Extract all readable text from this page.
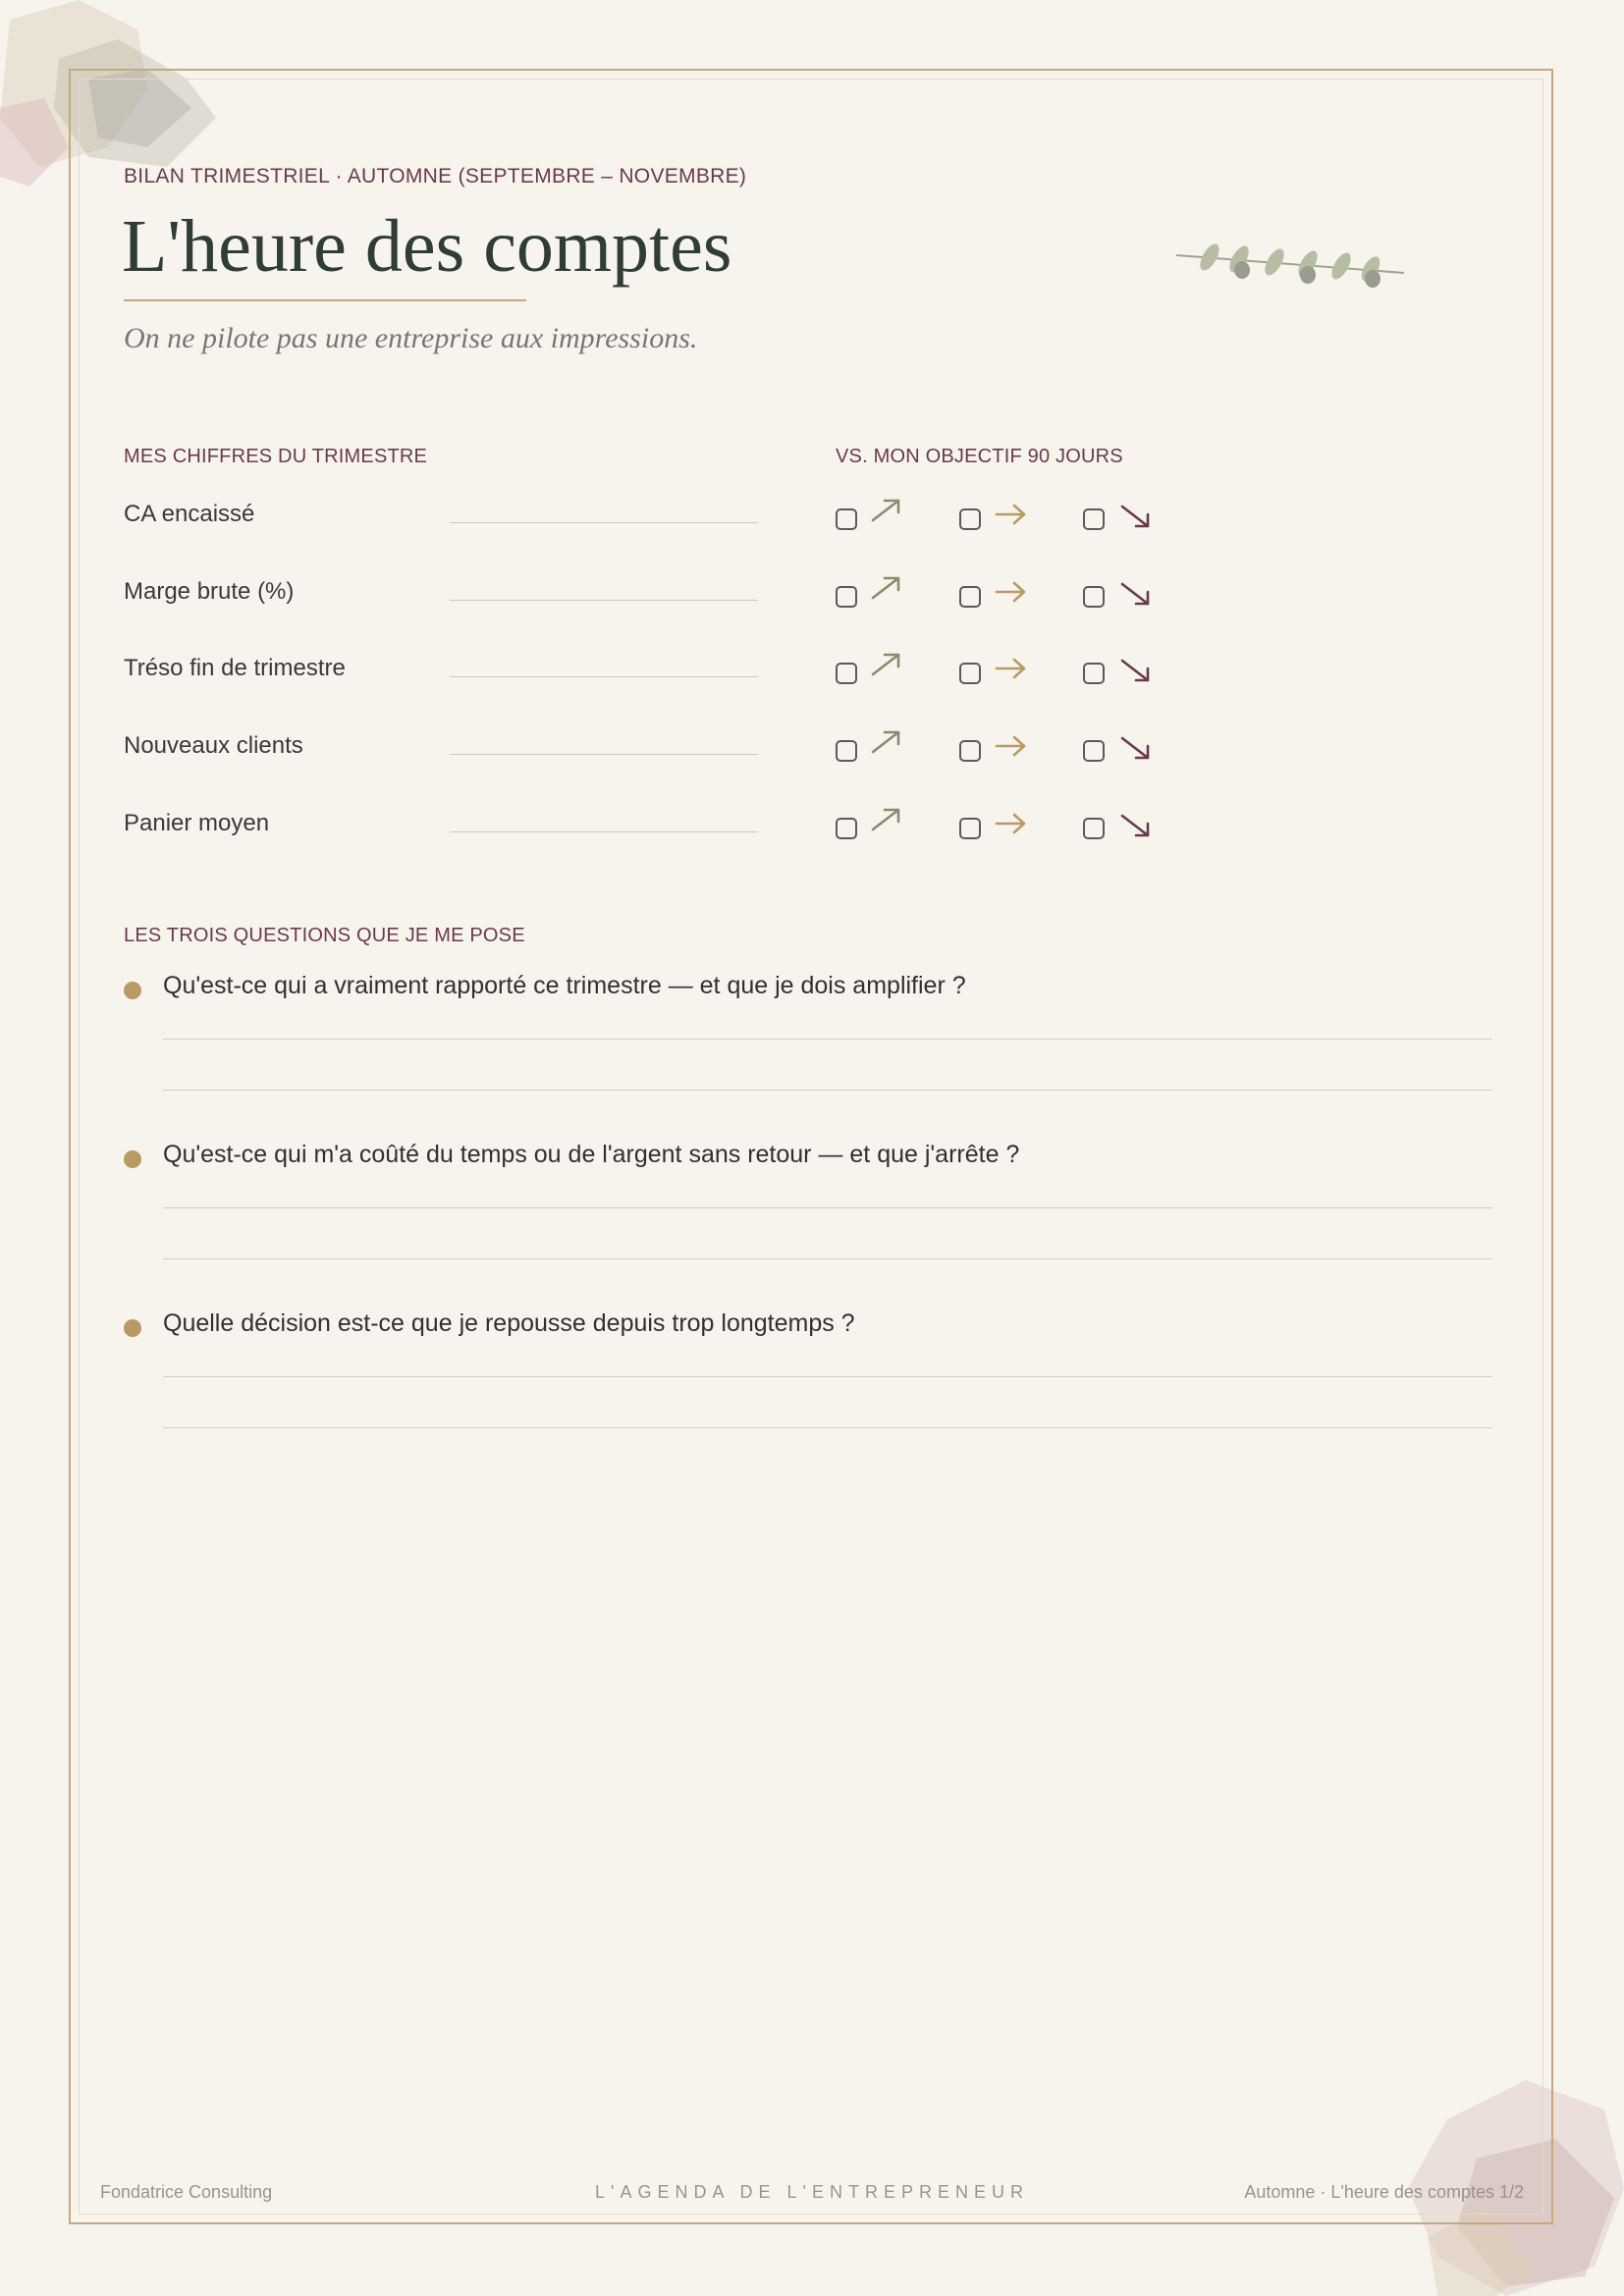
BILAN TRIMESTRIEL · AUTOMNE (SEPTEMBRE – NOVEMBRE)
L'heure des comptes
On ne pilote pas une entreprise aux impressions.
MES CHIFFRES DU TRIMESTRE	VS. MON OBJECTIF 90 JOURS
CA encaissé
Marge brute (%)
Tréso fin de trimestre
Nouveaux clients
Panier moyen
LES TROIS QUESTIONS QUE JE ME POSE
Qu'est-ce qui a vraiment rapporté ce trimestre — et que je dois amplifier ?
Qu'est-ce qui m'a coûté du temps ou de l'argent sans retour — et que j'arrête ?
Quelle décision est-ce que je repousse depuis trop longtemps ?
Fondatrice Consulting	L'AGENDA DE L'ENTREPRENEUR	Automne · L'heure des comptes 1/2
